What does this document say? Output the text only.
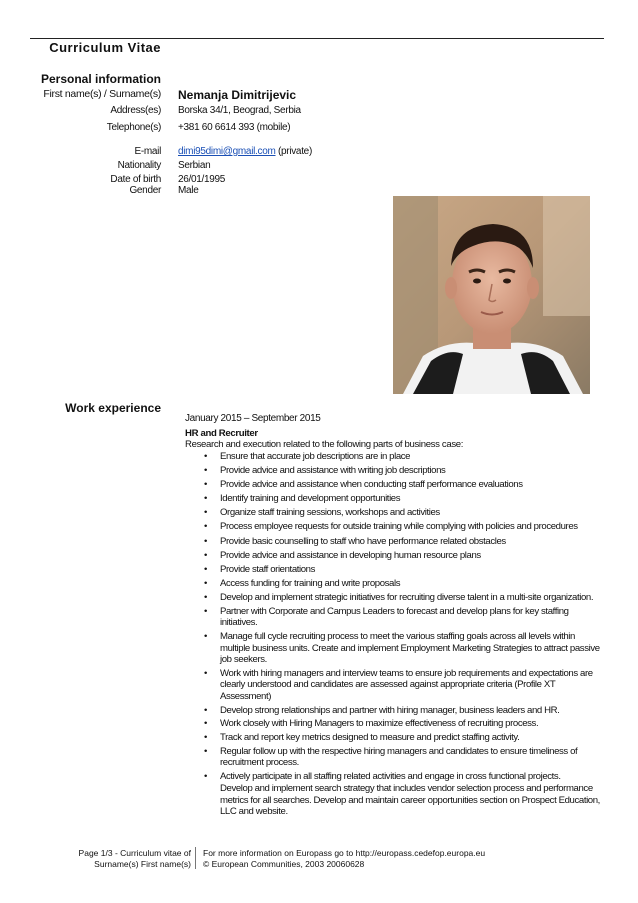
Curriculum Vitae
Personal information
First name(s) / Surname(s) Nemanja Dimitrijevic
Address(es) Borska 34/1, Beograd, Serbia
Telephone(s) +381 60 6614 393 (mobile)
E-mail dimi95dimi@gmail.com (private)
Nationality Serbian
Date of birth 26/01/1995
Gender Male
Work experience
January 2015 – September 2015
HR and Recruiter
Research and execution related to the following parts of business case:
• Ensure that accurate job descriptions are in place
• Provide advice and assistance with writing job descriptions
• Provide advice and assistance when conducting staff performance evaluations
• Identify training and development opportunities
• Organize staff training sessions, workshops and activities
• Process employee requests for outside training while complying with policies and procedures
• Provide basic counselling to staff who have performance related obstacles
• Provide advice and assistance in developing human resource plans
• Provide staff orientations
• Access funding for training and write proposals
• Develop and implement strategic initiatives for recruiting diverse talent in a multi-site organization.
• Partner with Corporate and Campus Leaders to forecast and develop plans for key staffing initiatives.
• Manage full cycle recruiting process to meet the various staffing goals across all levels within multiple business units. Create and implement Employment Marketing Strategies to attract passive job seekers.
• Work with hiring managers and interview teams to ensure job requirements and expectations are clearly understood and candidates are assessed against appropriate criteria (Profile XT Assessment)
• Develop strong relationships and partner with hiring manager, business leaders and HR.
• Work closely with Hiring Managers to maximize effectiveness of recruiting process.
• Track and report key metrics designed to measure and predict staffing activity.
• Regular follow up with the respective hiring managers and candidates to ensure timeliness of recruitment process.
• Actively participate in all staffing related activities and engage in cross functional projects.
Develop and implement search strategy that includes vendor selection process and performance metrics for all searches. Develop and maintain career opportunities section on Prospect Education, LLC and website.
Page 1/3 - Curriculum vitae of
Surname(s) First name(s)
For more information on Europass go to http://europass.cedefop.europa.eu
© European Communities, 2003 20060628
